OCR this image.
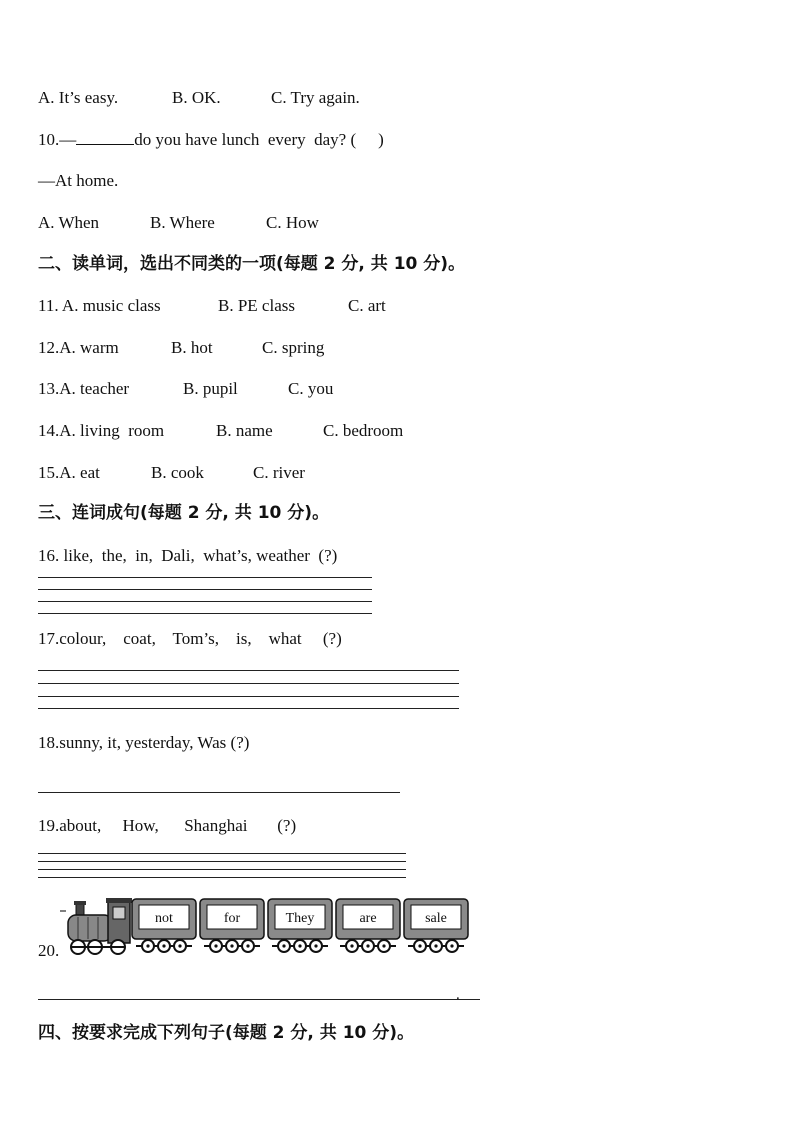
A. It’s easy.	B. OK.	C. Try again.
10.—	do you have lunch  every  day? ( )
—At home.
A. When	B. Where	C. How
二、读单词，选出不同类的一项(每题 2 分, 共 10 分)。
11. A. music class	B. PE class	C. art
12.A. warm	B. hot	C. spring
13.A. teacher	B. pupil	C. you
14.A. living  room	B. name	C. bedroom
15.A. eat	B. cook	C. river
三、连词成句(每题 2 分, 共 10 分)。
16. like,  the,  in,  Dali,  what’s, weather  (?)
17.colour,    coat,    Tom’s,    is,    what     (?)
18.sunny, it, yesterday, Was (?)
19.about,     How,      Shanghai       (?)
20.
not	for	They	are	sale
.
四、按要求完成下列句子(每题 2 分, 共 10 分)。
